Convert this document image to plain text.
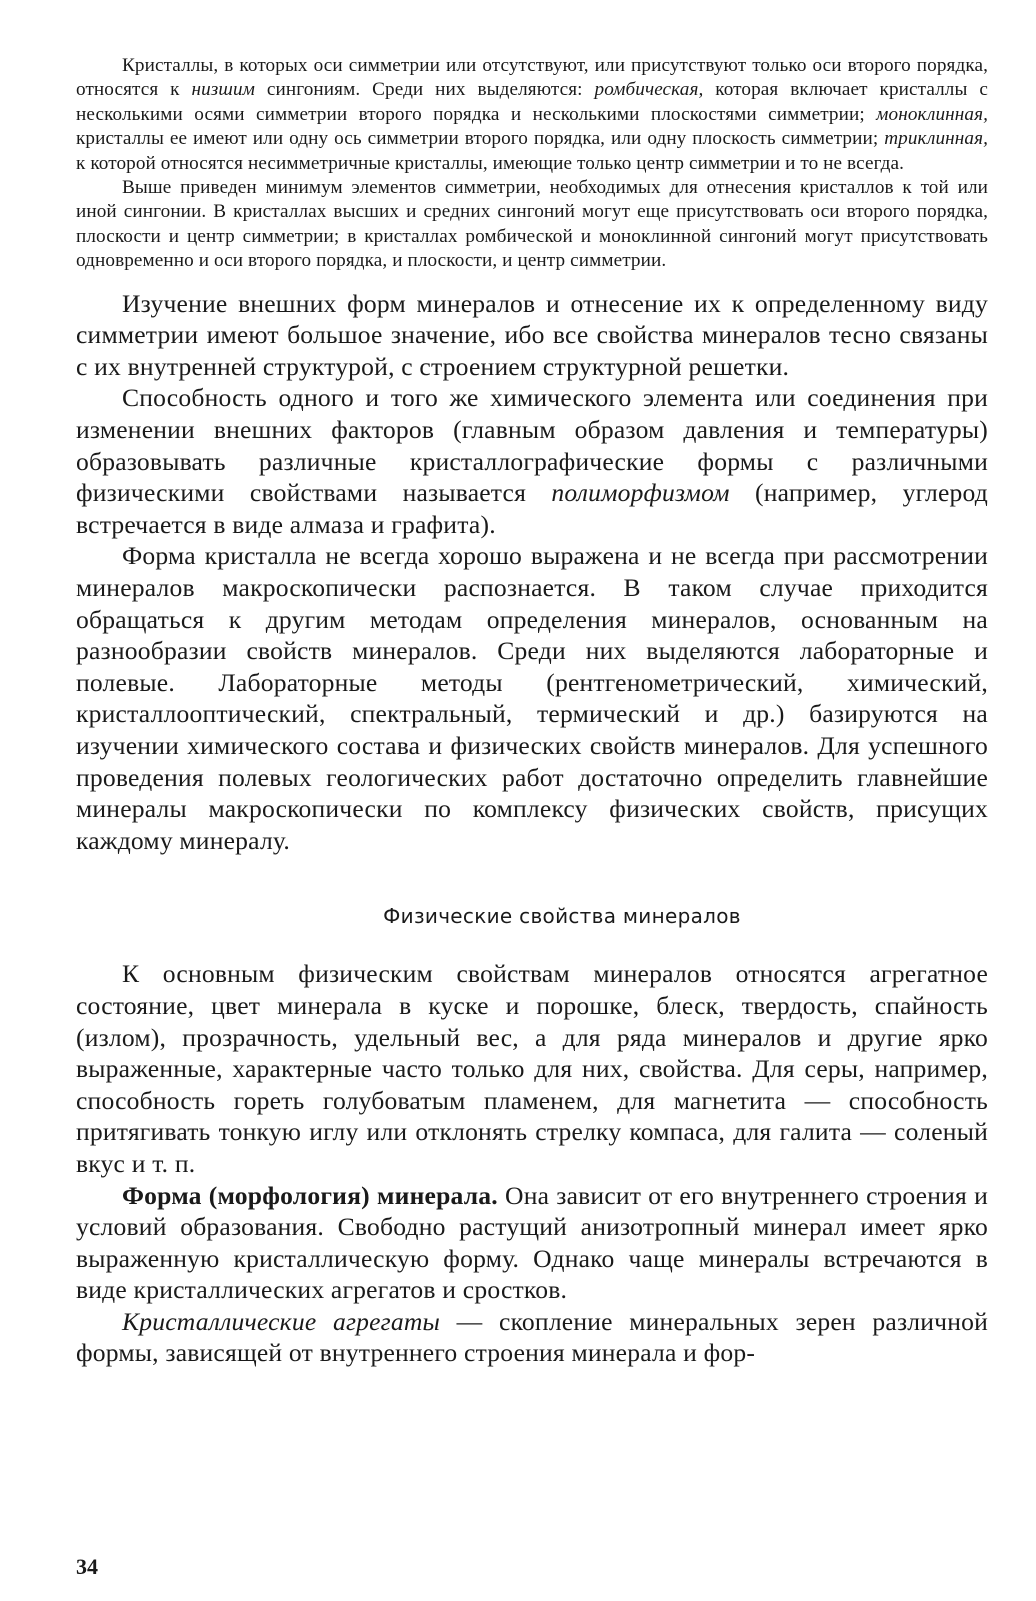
Кристаллы, в которых оси симметрии или отсутствуют, или присутствуют только оси второго порядка, относятся к низшим сингониям. Среди них выделяются: ромбическая, которая включает кристаллы с несколькими осями симметрии второго порядка и несколькими плоскостями симметрии; моноклинная, кристаллы ее имеют или одну ось симметрии второго порядка, или одну плоскость симметрии; триклинная, к которой относятся несимметричные кристаллы, имеющие только центр симметрии и то не всегда.

Выше приведен минимум элементов симметрии, необходимых для отнесения кристаллов к той или иной сингонии. В кристаллах высших и средних сингоний могут еще присутствовать оси второго порядка, плоскости и центр симметрии; в кристаллах ромбической и моноклинной сингоний могут присутствовать одновременно и оси второго порядка, и плоскости, и центр симметрии.

Изучение внешних форм минералов и отнесение их к определенному виду симметрии имеют большое значение, ибо все свойства минералов тесно связаны с их внутренней структурой, с строением структурной решетки.

Способность одного и того же химического элемента или соединения при изменении внешних факторов (главным образом давления и температуры) образовывать различные кристаллографические формы с различными физическими свойствами называется полиморфизмом (например, углерод встречается в виде алмаза и графита).

Форма кристалла не всегда хорошо выражена и не всегда при рассмотрении минералов макроскопически распознается. В таком случае приходится обращаться к другим методам определения минералов, основанным на разнообразии свойств минералов. Среди них выделяются лабораторные и полевые. Лабораторные методы (рентгенометрический, химический, кристаллооптический, спектральный, термический и др.) базируются на изучении химического состава и физических свойств минералов. Для успешного проведения полевых геологических работ достаточно определить главнейшие минералы макроскопически по комплексу физических свойств, присущих каждому минералу.

Физические свойства минералов

К основным физическим свойствам минералов относятся агрегатное состояние, цвет минерала в куске и порошке, блеск, твердость, спайность (излом), прозрачность, удельный вес, а для ряда минералов и другие ярко выраженные, характерные часто только для них, свойства. Для серы, например, способность гореть голубоватым пламенем, для магнетита — способность притягивать тонкую иглу или отклонять стрелку компаса, для галита — соленый вкус и т. п.

Форма (морфология) минерала. Она зависит от его внутреннего строения и условий образования. Свободно растущий анизотропный минерал имеет ярко выраженную кристаллическую форму. Однако чаще минералы встречаются в виде кристаллических агрегатов и сростков.

Кристаллические агрегаты — скопление минеральных зерен различной формы, зависящей от внутреннего строения минерала и фор-

34
